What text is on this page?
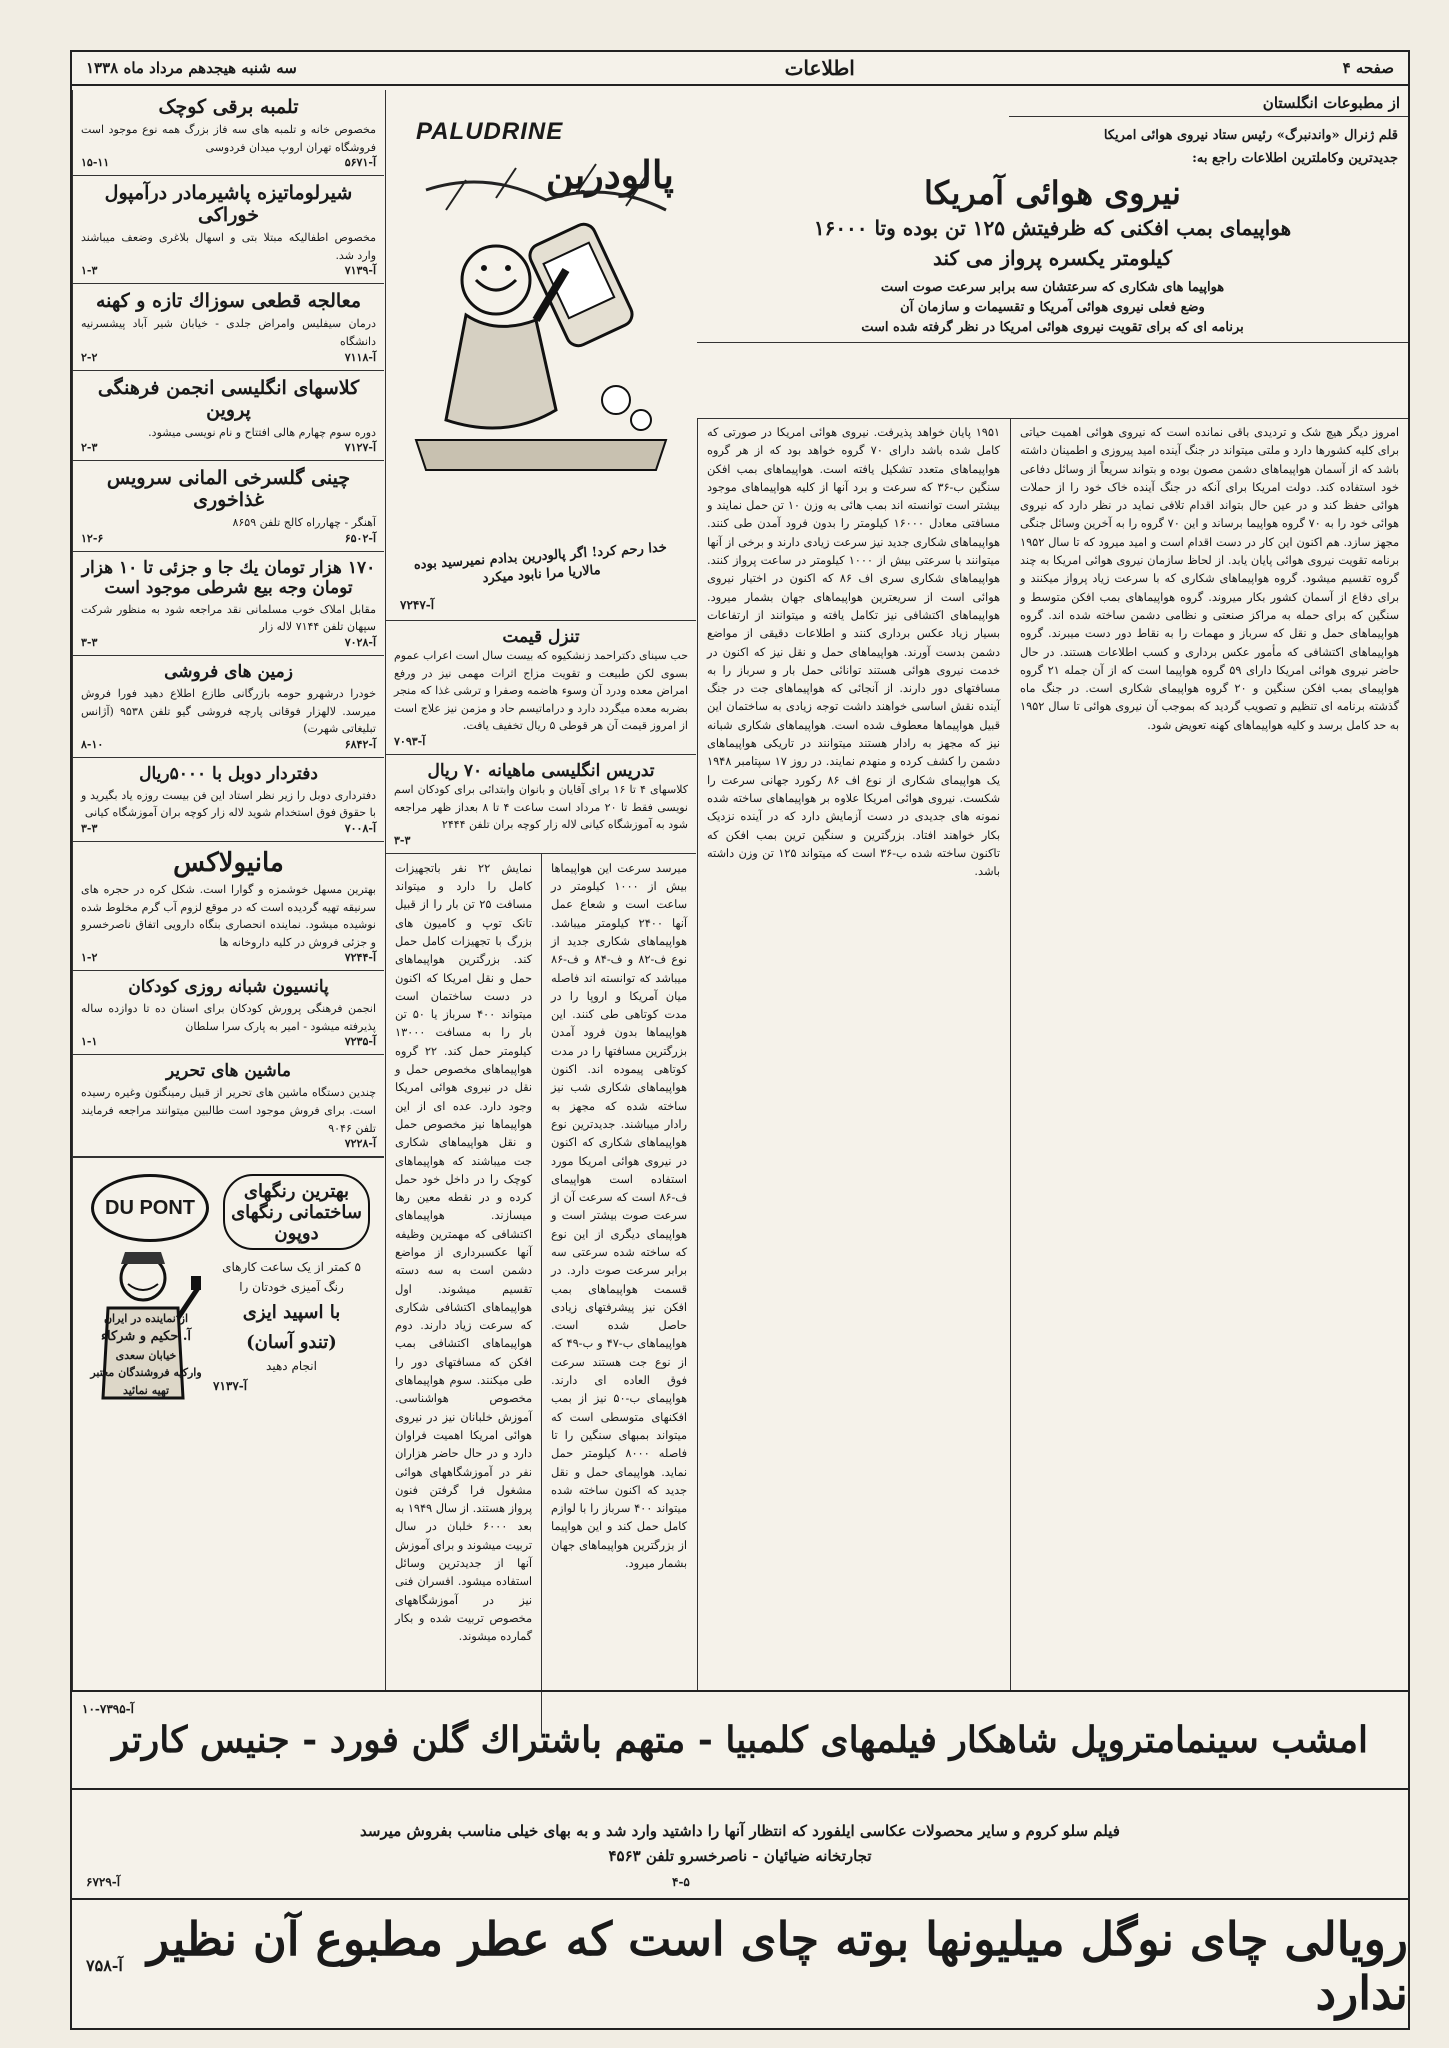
صفحه ۴
اطلاعات
سه شنبه هیجدهم مرداد ماه ۱۳۳۸
از مطبوعات انگلستان
قلم ژنرال «واندنبرگ» رئیس ستاد نیروی هوائی امریکا
جدیدترین وکاملترین اطلاعات راجع به:
نیروی هوائی آمریکا
هواپیمای بمب افکنی که ظرفیتش ۱۲۵ تن بوده وتا ۱۶۰۰۰
کیلومتر یکسره پرواز می کند
هواپیما های شکاری که سرعتشان سه برابر سرعت صوت است
وضع فعلی نیروی هوائی آمریکا و تقسیمات و سازمان آن
برنامه ای که برای تقویت نیروی هوائی امریکا در نظر گرفته شده است
امروز دیگر هیچ شک و تردیدی باقی نمانده است که نیروی هوائی اهمیت حیاتی برای کلیه کشورها دارد و ملتی میتواند در جنگ آینده امید پیروزی و اطمینان داشته باشد که از آسمان هواپیماهای دشمن مصون بوده و بتواند سریعاً از وسائل دفاعی خود استفاده کند. دولت امریکا برای آنکه در جنگ آینده خاک خود را از حملات هوائی حفظ کند و در عین حال بتواند اقدام تلافی نماید در نظر دارد که نیروی هوائی خود را به ۷۰ گروه هواپیما برساند و این ۷۰ گروه را به آخرین وسائل جنگی مجهز سازد. هم اکنون این کار در دست اقدام است و امید میرود که تا سال ۱۹۵۲ برنامه تقویت نیروی هوائی پایان یابد. از لحاظ سازمان نیروی هوائی امریکا به چند گروه تقسیم میشود. گروه هواپیماهای شکاری که با سرعت زیاد پرواز میکنند و برای دفاع از آسمان کشور بکار میروند. گروه هواپیماهای بمب افکن متوسط و سنگین که برای حمله به مراکز صنعتی و نظامی دشمن ساخته شده اند. گروه هواپیماهای حمل و نقل که سرباز و مهمات را به نقاط دور دست میبرند. گروه هواپیماهای اکتشافی که مأمور عکس برداری و کسب اطلاعات هستند. در حال حاضر نیروی هوائی امریکا دارای ۵۹ گروه هواپیما است که از آن جمله ۲۱ گروه هواپیمای بمب افکن سنگین و ۲۰ گروه هواپیمای شکاری است. در جنگ ماه گذشته برنامه ای تنظیم و تصویب گردید که بموجب آن نیروی هوائی تا سال ۱۹۵۲ به حد کامل برسد و کلیه هواپیماهای کهنه تعویض شود.
۱۹۵۱ پایان خواهد پذیرفت. نیروی هوائی امریکا در صورتی که کامل شده باشد دارای ۷۰ گروه خواهد بود که از هر گروه هواپیماهای متعدد تشکیل یافته است. هواپیماهای بمب افکن سنگین ب-۳۶ که سرعت و برد آنها از کلیه هواپیماهای موجود بیشتر است توانسته اند بمب هائی به وزن ۱۰ تن حمل نمایند و مسافتی معادل ۱۶۰۰۰ کیلومتر را بدون فرود آمدن طی کنند. هواپیماهای شکاری جدید نیز سرعت زیادی دارند و برخی از آنها میتوانند با سرعتی بیش از ۱۰۰۰ کیلومتر در ساعت پرواز کنند. هواپیماهای شکاری سری اف ۸۶ که اکنون در اختیار نیروی هوائی است از سریعترین هواپیماهای جهان بشمار میرود. هواپیماهای اکتشافی نیز تکامل یافته و میتوانند از ارتفاعات بسیار زیاد عکس برداری کنند و اطلاعات دقیقی از مواضع دشمن بدست آورند. هواپیماهای حمل و نقل نیز که اکنون در خدمت نیروی هوائی هستند توانائی حمل بار و سرباز را به مسافتهای دور دارند. از آنجائی که هواپیماهای جت در جنگ آینده نقش اساسی خواهند داشت توجه زیادی به ساختمان این قبیل هواپیماها معطوف شده است. هواپیماهای شکاری شبانه نیز که مجهز به رادار هستند میتوانند در تاریکی هواپیماهای دشمن را کشف کرده و منهدم نمایند. در روز ۱۷ سپتامبر ۱۹۴۸ یک هواپیمای شکاری از نوع اف ۸۶ رکورد جهانی سرعت را شکست. نیروی هوائی امریکا علاوه بر هواپیماهای ساخته شده نمونه های جدیدی در دست آزمایش دارد که در آینده نزدیک بکار خواهند افتاد. بزرگترین و سنگین ترین بمب افکن که تاکنون ساخته شده ب-۳۶ است که میتواند ۱۲۵ تن وزن داشته باشد.
PALUDRINE
پالودرین
خدا رحم کرد! اگر پالودرین بدادم نمیرسید بوده مالاریا مرا نابود میکرد
آ-۷۲۴۷
تنزل قیمت
حب سینای دکتراحمد زنشکیوه که بیست سال است اعراب عموم بسوی لکن طبیعت و تقویت مزاج اثرات مهمی نیز در ورفع امراض معده ودرد آن وسوء هاضمه وصفرا و ترشی غذا که منجر بضربه معده میگردد دارد و دراماتیسم حاد و مزمن نیز علاج است از امروز قیمت آن هر قوطی ۵ ریال تخفیف یافت.
آ-۷۰۹۳
تدریس انگلیسی ماهیانه ۷۰ ریال
کلاسهای ۴ تا ۱۶ برای آقایان و بانوان وابتدائی برای کودکان اسم نویسی فقط تا ۲۰ مرداد است ساعت ۴ تا ۸ بعداز ظهر مراجعه شود به آموزشگاه کیانی لاله زار کوچه بران تلفن ۲۴۴۴
۳-۳
میرسد سرعت این هواپیماها بیش از ۱۰۰۰ کیلومتر در ساعت است و شعاع عمل آنها ۲۴۰۰ کیلومتر میباشد. هواپیماهای شکاری جدید از نوع ف-۸۲ و ف-۸۴ و ف-۸۶ میباشد که توانسته اند فاصله میان آمریکا و اروپا را در مدت کوتاهی طی کنند. این هواپیماها بدون فرود آمدن بزرگترین مسافتها را در مدت کوتاهی پیموده اند. اکنون هواپیماهای شکاری شب نیز ساخته شده که مجهز به رادار میباشند. جدیدترین نوع هواپیماهای شکاری که اکنون در نیروی هوائی امریکا مورد استفاده است هواپیمای ف-۸۶ است که سرعت آن از سرعت صوت بیشتر است و هواپیمای دیگری از این نوع که ساخته شده سرعتی سه برابر سرعت صوت دارد. در قسمت هواپیماهای بمب افکن نیز پیشرفتهای زیادی حاصل شده است. هواپیماهای ب-۴۷ و ب-۴۹ که از نوع جت هستند سرعت فوق العاده ای دارند. هواپیمای ب-۵۰ نیز از بمب افکنهای متوسطی است که میتواند بمبهای سنگین را تا فاصله ۸۰۰۰ کیلومتر حمل نماید. هواپیمای حمل و نقل جدید که اکنون ساخته شده میتواند ۴۰۰ سرباز را با لوازم کامل حمل کند و این هواپیما از بزرگترین هواپیماهای جهان بشمار میرود.
نمایش ۲۲ نفر باتجهیزات کامل را دارد و میتواند مسافت ۲۵ تن بار را از قبیل تانک توپ و کامیون های بزرگ با تجهیزات کامل حمل کند. بزرگترین هواپیماهای حمل و نقل امریکا که اکنون در دست ساختمان است میتواند ۴۰۰ سرباز یا ۵۰ تن بار را به مسافت ۱۳۰۰۰ کیلومتر حمل کند. ۲۲ گروه هواپیماهای مخصوص حمل و نقل در نیروی هوائی امریکا وجود دارد. عده ای از این هواپیماها نیز مخصوص حمل و نقل هواپیماهای شکاری جت میباشند که هواپیماهای کوچک را در داخل خود حمل کرده و در نقطه معین رها میسازند. هواپیماهای اکتشافی که مهمترین وظیفه آنها عکسبرداری از مواضع دشمن است به سه دسته تقسیم میشوند. اول هواپیماهای اکتشافی شکاری که سرعت زیاد دارند. دوم هواپیماهای اکتشافی بمب افکن که مسافتهای دور را طی میکنند. سوم هواپیماهای مخصوص هواشناسی. آموزش خلبانان نیز در نیروی هوائی امریکا اهمیت فراوان دارد و در حال حاضر هزاران نفر در آموزشگاههای هوائی مشغول فرا گرفتن فنون پرواز هستند. از سال ۱۹۴۹ به بعد ۶۰۰۰ خلبان در سال تربیت میشوند و برای آموزش آنها از جدیدترین وسائل استفاده میشود. افسران فنی نیز در آموزشگاههای مخصوص تربیت شده و بکار گمارده میشوند.
تلمبه برقی کوچک
مخصوص خانه و تلمبه های سه فاز بزرگ همه نوع موجود است فروشگاه تهران اروپ میدان فردوسی
آ-۵۶۷۱
۱۵-۱۱
شیرلوماتیزه پاشیرمادر درآمپول خوراکی
مخصوص اطفالیکه مبتلا بتی و اسهال بلاغری وضعف میباشند وارد شد.
آ-۷۱۳۹
۱-۳
معالجه قطعی سوزاك تازه و كهنه
درمان سیفلیس وامراض جلدی - خیابان شیر آباد پیشسرنیه دانشگاه
آ-۷۱۱۸
۲-۲
کلاسهای انگلیسی انجمن فرهنگی پروین
دوره سوم چهارم هالی افتتاح و نام نویسی میشود.
آ-۷۱۲۷
۲-۳
چینی گلسرخی المانی سرویس غذاخوری
آهنگر - چهارراه کالج تلفن ۸۶۵۹
آ-۶۵۰۲
۱۲-۶
۱۷۰ هزار تومان یك جا و جزئی تا ۱۰ هزار تومان وجه بیع شرطی موجود است
مقابل املاک خوب مسلمانی نقد مراجعه شود به منظور شرکت سپهان تلفن ۷۱۴۴ لاله زار
آ-۷۰۲۸
۳-۳
زمین های فروشی
خودرا درشهرو حومه بازرگانی طازع اطلاع دهید فورا فروش میرسد. لالهزار فوقانی پارچه فروشی گیو تلفن ۹۵۳۸ (آژانس تبلیغاتی شهرت)
آ-۶۸۴۲
۸-۱۰
دفتردار دوبل با ۵۰۰۰ریال
دفترداری دوبل را زیر نظر استاد این فن بیست روزه یاد بگیرید و با حقوق فوق استخدام شوید لاله زار کوچه بران آموزشگاه کیانی
آ-۷۰۰۸
۳-۳
مانیولاکس
بهترین مسهل خوشمزه و گوارا است. شکل کره در حجره های سرنیقه تهیه گردیده است که در موقع لزوم آب گرم مخلوط شده نوشیده میشود. نماینده انحصاری بنگاه دارویی اتفاق ناصرخسرو و جزئی فروش در کلیه داروخانه ها
آ-۷۲۴۴
۱-۲
پانسیون شبانه روزی کودکان
انجمن فرهنگی پرورش کودکان برای اسنان ده تا دوازده ساله پذیرفته میشود - امیر به پارک سرا سلطان
آ-۷۲۳۵
۱-۱
ماشین های تحریر
چندین دستگاه ماشین های تحریر از قبیل رمینگتون وغیره رسیده است. برای فروش موجود است طالبین میتوانند مراجعه فرمایند تلفن ۹۰۴۶
آ-۷۲۲۸
DU PONT
بهترین رنگهای ساختمانی رنگهای دوپون
۵ کمتر از یک ساعت کارهای رنگ آمیزی خودتان را
با اسپید ایزی
(تندو آسان)
انجام دهید
آ-۷۱۳۷
از نماینده در ایران
آ. حکیم و شرکاء
خیابان سعدی
وارکیه فروشندگان معتبر
تهیه نمائید
امشب سینمامتروپل شاهکار فیلمهای کلمبیا - متهم باشتراك گلن فورد - جنیس کارتر
آ-۷۳۹۵-۱۰
فیلم سلو کروم و سایر محصولات عکاسی ایلفورد که انتظار آنها را داشتید وارد شد و به بهای خیلی مناسب بفروش میرسد
تجارتخانه ضیائیان - ناصرخسرو تلفن ۴۵۶۳
آ-۶۷۲۹	۴-۵
رویالی چای نوگل میلیونها بوته چای است که عطر مطبوع آن نظیر ندارد
آ-۷۵۸
